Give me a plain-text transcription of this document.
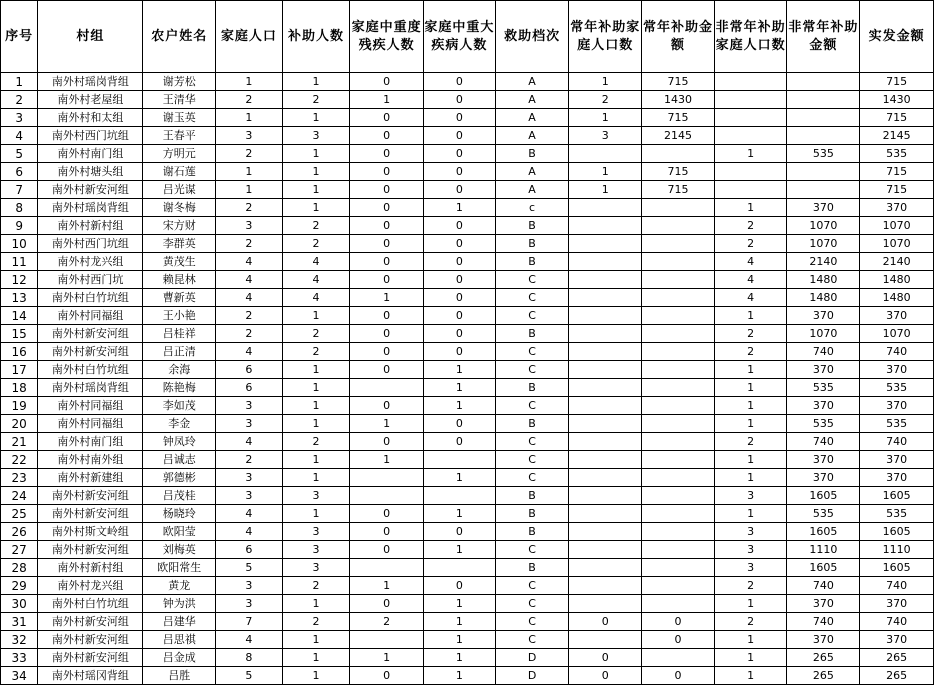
序号	村组	农户姓名	家庭人口	补助人数	家庭中重度残疾人数	家庭中重大疾病人数	救助档次	常年补助家庭人口数	常年补助金额	非常年补助家庭人口数	非常年补助金额	实发金额
1	南外村瑶岗背组	谢芳松	1	1	0	0	A	1	715			715
2	南外村老屋组	王清华	2	2	1	0	A	2	1430			1430
3	南外村和太组	谢玉英	1	1	0	0	A	1	715			715
4	南外村西门坑组	王春平	3	3	0	0	A	3	2145			2145
5	南外村南门组	方明元	2	1	0	0	B			1	535	535
6	南外村塘头组	谢石莲	1	1	0	0	A	1	715			715
7	南外村新安河组	吕光谋	1	1	0	0	A	1	715			715
8	南外村瑶岗背组	谢冬梅	2	1	0	1	c			1	370	370
9	南外村新村组	宋方财	3	2	0	0	B			2	1070	1070
10	南外村西门坑组	李群英	2	2	0	0	B			2	1070	1070
11	南外村龙兴组	黄茂生	4	4	0	0	B			4	2140	2140
12	南外村西门坑	赖昆林	4	4	0	0	C			4	1480	1480
13	南外村白竹坑组	曹新英	4	4	1	0	C			4	1480	1480
14	南外村同福组	王小艳	2	1	0	0	C			1	370	370
15	南外村新安河组	吕桂祥	2	2	0	0	B			2	1070	1070
16	南外村新安河组	吕正清	4	2	0	0	C			2	740	740
17	南外村白竹坑组	余海	6	1	0	1	C			1	370	370
18	南外村瑶岗背组	陈艳梅	6	1		1	B			1	535	535
19	南外村同福组	李如茂	3	1	0	1	C			1	370	370
20	南外村同福组	李金	3	1	1	0	B			1	535	535
21	南外村南门组	钟凤玲	4	2	0	0	C			2	740	740
22	南外村南外组	吕诚志	2	1	1		C			1	370	370
23	南外村新建组	郭德彬	3	1		1	C			1	370	370
24	南外村新安河组	吕茂桂	3	3			B			3	1605	1605
25	南外村新安河组	杨晓玲	4	1	0	1	B			1	535	535
26	南外村斯文岭组	欧阳莹	4	3	0	0	B			3	1605	1605
27	南外村新安河组	刘梅英	6	3	0	1	C			3	1110	1110
28	南外村新村组	欧阳常生	5	3			B			3	1605	1605
29	南外村龙兴组	黄龙	3	2	1	0	C			2	740	740
30	南外村白竹坑组	钟为洪	3	1	0	1	C			1	370	370
31	南外村新安河组	吕建华	7	2	2	1	C	0	0	2	740	740
32	南外村新安河组	吕思祺	4	1		1	C		0	1	370	370
33	南外村新安河组	吕金成	8	1	1	1	D	0		1	265	265
34	南外村瑶冈背组	吕胜	5	1	0	1	D	0	0	1	265	265
